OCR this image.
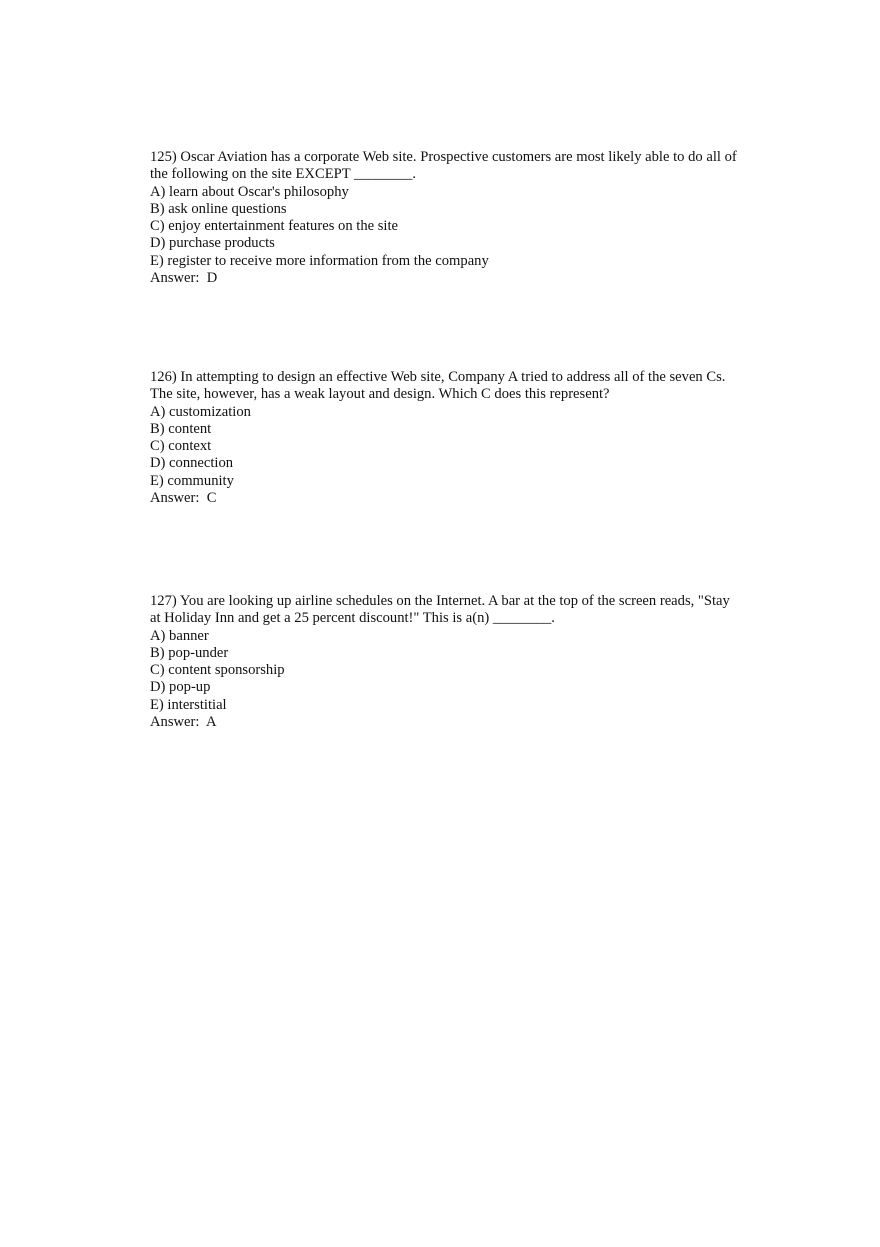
125) Oscar Aviation has a corporate Web site. Prospective customers are most likely able to do all of the following on the site EXCEPT ________.

A) learn about Oscar's philosophy

B) ask online questions

C) enjoy entertainment features on the site

D) purchase products

E) register to receive more information from the company

Answer: D

126) In attempting to design an effective Web site, Company A tried to address all of the seven Cs. The site, however, has a weak layout and design. Which C does this represent?

A) customization

B) content

C) context

D) connection

E) community

Answer: C

127) You are looking up airline schedules on the Internet. A bar at the top of the screen reads, "Stay at Holiday Inn and get a 25 percent discount!" This is a(n) ________.

A) banner

B) pop-under

C) content sponsorship

D) pop-up

E) interstitial

Answer: A
